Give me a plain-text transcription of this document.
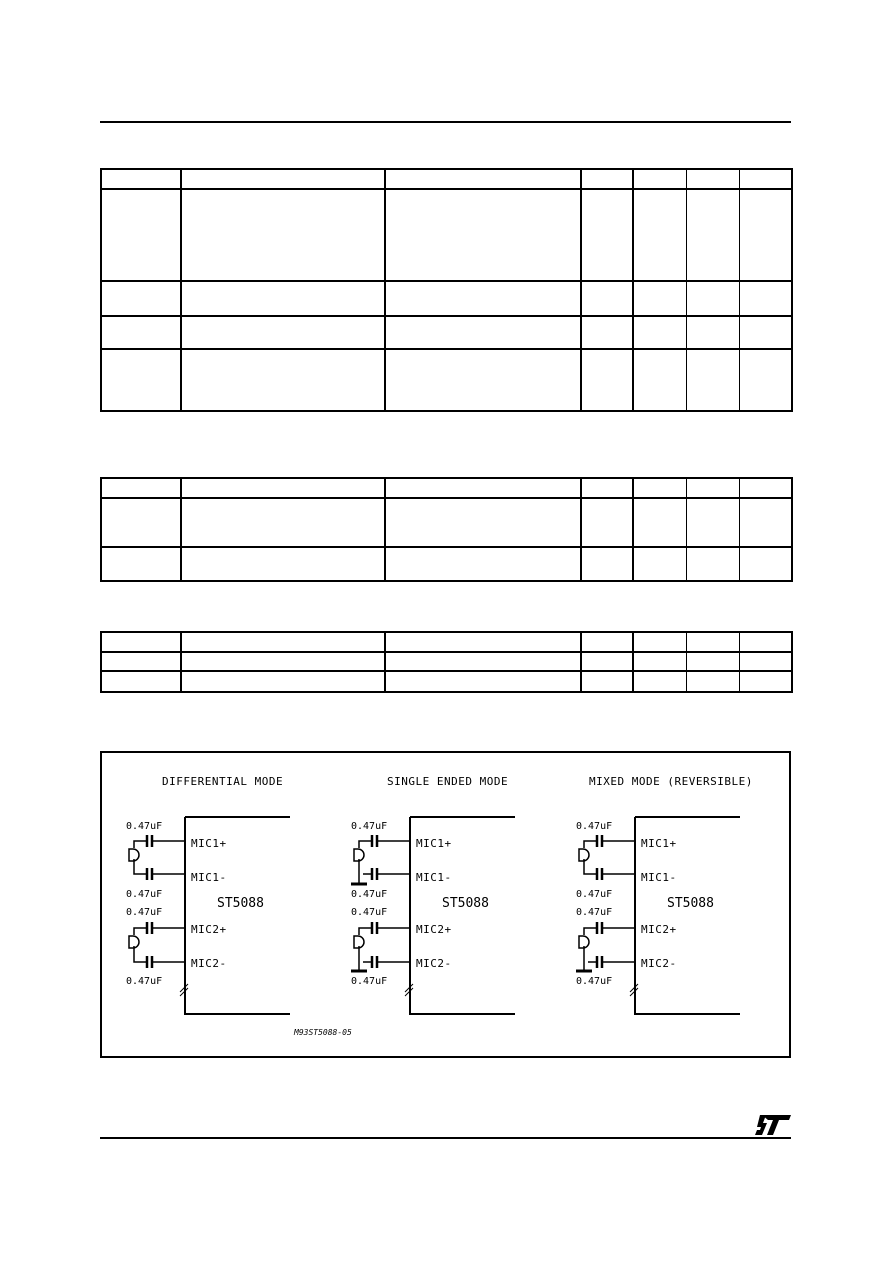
DIFFERENTIAL MODE
ST5088
MIC1+
MIC1-
MIC2+
MIC2-
0.47uF
0.47uF
0.47uF
0.47uF
SINGLE ENDED MODE
ST5088
MIC1+
MIC1-
MIC2+
MIC2-
0.47uF
0.47uF
0.47uF
0.47uF
MIXED MODE (REVERSIBLE)
ST5088
MIC1+
MIC1-
MIC2+
MIC2-
0.47uF
0.47uF
0.47uF
0.47uF
M93ST5088-05
